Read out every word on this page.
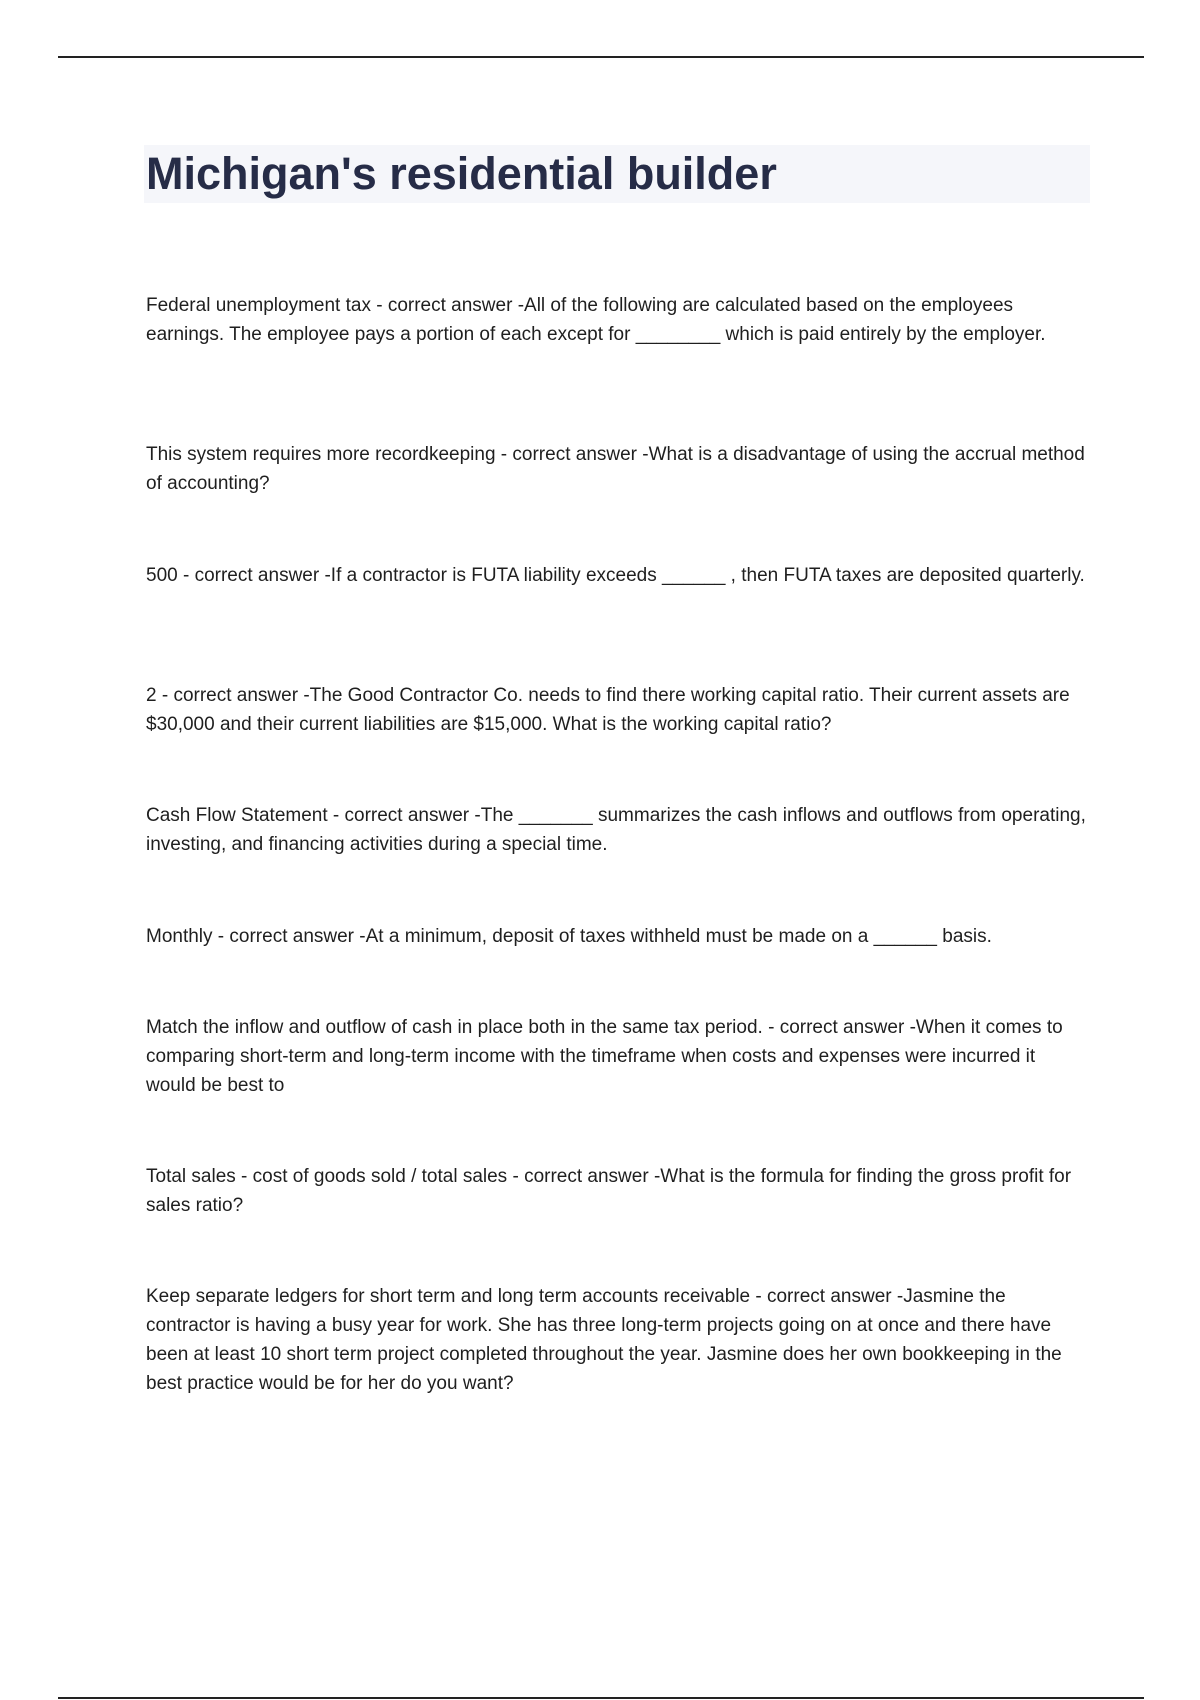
Michigan's residential builder

Federal unemployment tax - correct answer -All of the following are calculated based on the employees earnings. The employee pays a portion of each except for ________ which is paid entirely by the employer.

This system requires more recordkeeping - correct answer -What is a disadvantage of using the accrual method of accounting?

500 - correct answer -If a contractor is FUTA liability exceeds ______ , then FUTA taxes are deposited quarterly.

2 - correct answer -The Good Contractor Co. needs to find there working capital ratio. Their current assets are $30,000 and their current liabilities are $15,000. What is the working capital ratio?

Cash Flow Statement - correct answer -The _______ summarizes the cash inflows and outflows from operating, investing, and financing activities during a special time.

Monthly - correct answer -At a minimum, deposit of taxes withheld must be made on a ______ basis.

Match the inflow and outflow of cash in place both in the same tax period. - correct answer -When it comes to comparing short-term and long-term income with the timeframe when costs and expenses were incurred it would be best to

Total sales - cost of goods sold / total sales - correct answer -What is the formula for finding the gross profit for sales ratio?

Keep separate ledgers for short term and long term accounts receivable - correct answer -Jasmine the contractor is having a busy year for work. She has three long-term projects going on at once and there have been at least 10 short term project completed throughout the year. Jasmine does her own bookkeeping in the best practice would be for her do you want?
